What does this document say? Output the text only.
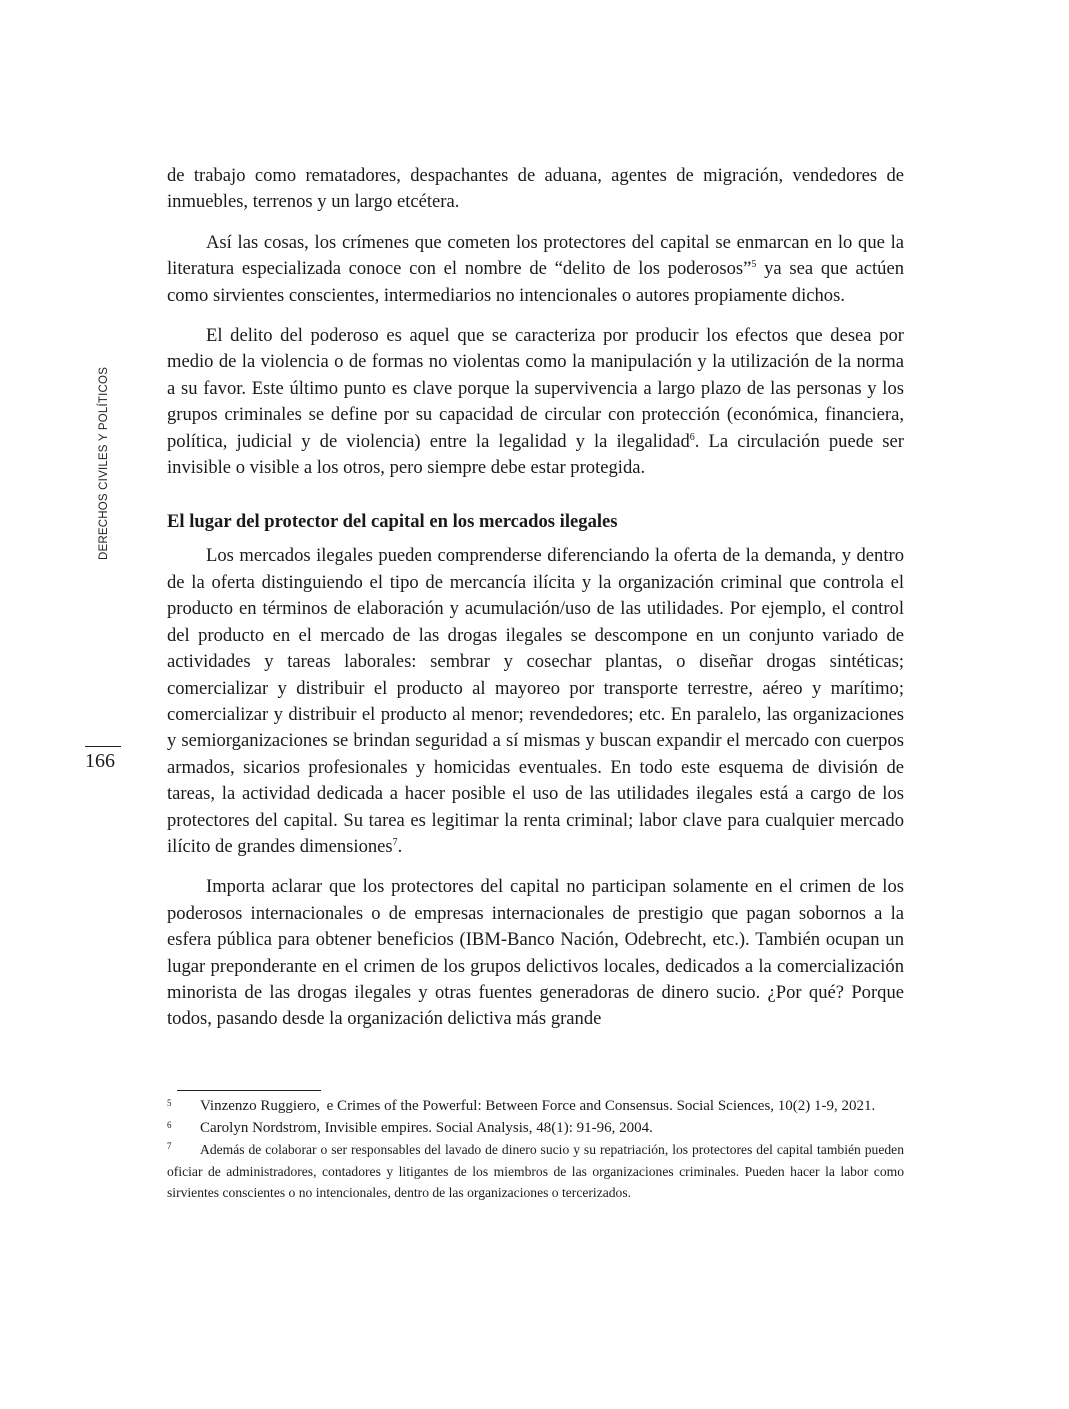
DERECHOS CIVILES Y POLÍTICOS
166

de trabajo como rematadores, despachantes de aduana, agentes de migración, vendedores de inmuebles, terrenos y un largo etcétera.

Así las cosas, los crímenes que cometen los protectores del capital se enmarcan en lo que la literatura especializada conoce con el nombre de “delito de los poderosos”$^5$ ya sea que actúen como sirvientes conscientes, intermediarios no intencionales o autores propiamente dichos.

El delito del poderoso es aquel que se caracteriza por producir los efectos que desea por medio de la violencia o de formas no violentas como la manipulación y la utilización de la norma a su favor. Este último punto es clave porque la supervivencia a largo plazo de las personas y los grupos criminales se define por su capacidad de circular con protección (económica, financiera, política, judicial y de violencia) entre la legalidad y la ilegalidad$^6$. La circulación puede ser invisible o visible a los otros, pero siempre debe estar protegida.

El lugar del protector del capital en los mercados ilegales

Los mercados ilegales pueden comprenderse diferenciando la oferta de la demanda, y dentro de la oferta distinguiendo el tipo de mercancía ilícita y la organización criminal que controla el producto en términos de elaboración y acumulación/uso de las utilidades. Por ejemplo, el control del producto en el mercado de las drogas ilegales se descompone en un conjunto variado de actividades y tareas laborales: sembrar y cosechar plantas, o diseñar drogas sintéticas; comercializar y distribuir el producto al mayoreo por transporte terrestre, aéreo y marítimo; comercializar y distribuir el producto al menor; revendedores; etc. En paralelo, las organizaciones y semiorganizaciones se brindan seguridad a sí mismas y buscan expandir el mercado con cuerpos armados, sicarios profesionales y homicidas eventuales. En todo este esquema de división de tareas, la actividad dedicada a hacer posible el uso de las utilidades ilegales está a cargo de los protectores del capital. Su tarea es legitimar la renta criminal; labor clave para cualquier mercado ilícito de grandes dimensiones$^7$.

Importa aclarar que los protectores del capital no participan solamente en el crimen de los poderosos internacionales o de empresas internacionales de prestigio que pagan sobornos a la esfera pública para obtener beneficios (IBM-Banco Nación, Odebrecht, etc.). También ocupan un lugar preponderante en el crimen de los grupos delictivos locales, dedicados a la comercialización minorista de las drogas ilegales y otras fuentes generadoras de dinero sucio. ¿Por qué? Porque todos, pasando desde la organización delictiva más grande

5	Vinzenzo Ruggiero,  e Crimes of the Powerful: Between Force and Consensus. Social Sciences, 10(2) 1-9, 2021.

6	Carolyn Nordstrom, Invisible empires. Social Analysis, 48(1): 91-96, 2004.

7	Además de colaborar o ser responsables del lavado de dinero sucio y su repatriación, los protectores del capital también pueden oficiar de administradores, contadores y litigantes de los miembros de las organizaciones criminales. Pueden hacer la labor como sirvientes conscientes o no intencionales, dentro de las organizaciones o tercerizados.
